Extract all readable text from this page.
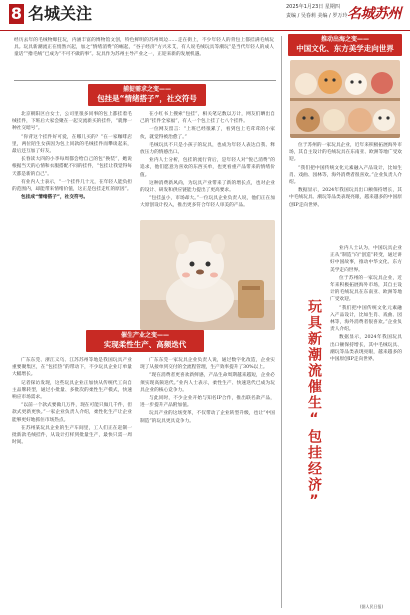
8 名城关注	2025年1月23日 星期四
责编 / 吴春莉 美编 / 罗万玲 名城苏州
经历去年的毛绒物爆狂玩，内涵丰富的博物馆文创，特色鲜明的苏州周边……走在街上，不少年轻人的背包上都挂满毛绒玩具。玩具新潮流正在悄然兴起，加之“情绪消费”的崛起，“谷子经济”方兴未艾，有人说毛绒玩具等潮玩“是当代年轻人的成人童话”“撸毛绒”已成为“不可不做的事”。玩具作为苏州主导产业之一，正迎来新的发展机遇。
捕捉需求之变——
包挂是“情绪搭子”，社交符号

北京朝阳区白女士，公司里很多同事的包上都挂着毛绒挂件，下班后大家会聚在一起交流新买的挂件，“就像一种社交暗号”。

“你背这个挂件好可爱，在哪儿买的？”在一家咖啡店里，两位陌生女孩因为包上同款的毛绒挂件而攀谈起来，最后还互加了好友。

长春读大四的小李每周都会给自己的包“换装”，她说根据当天的心情和衣服搭配不同的挂件，“包挂让我觉得每天都是新的自己”。

有业内人士表示，“一个挂件几十元，在年轻人能负担的范围内，却能带来情绪价值，这正是包挂走红的原因”。

包挂成“情绪搭子”，社交符号。

在小红书上搜索“包挂”，相关笔记数以万计，网友们晒出自己的“挂件全家福”，有人一个包上挂了七八个挂件。

一位网友留言：“上班已经很累了，看到包上毛茸茸的小家伙，就觉得被治愈了。”

毛绒玩具不只是小孩子的玩具，也成为年轻人表达自我、释放压力的情感出口。

业内人士分析，包挂的流行背后，是年轻人对“悦己消费”的追求，他们愿意为喜欢的东西买单，也更看重产品带来的情绪价值。

这种消费新风尚，为玩具产业带来了新的增长点，也对企业的设计、研发和供应链能力提出了更高要求。

“包挂虽小，市场却大。”一位玩具企业负责人说，他们正在加大原创设计投入，推出更多符合年轻人审美的产品。

催生产业之变——
实现柔性生产、高频迭代

广东东莞、浙江义乌、江苏苏州等地是我国玩具产业重要聚集区，在“包挂热”的带动下，不少玩具企业订单量大幅增长。

记者探访发现，这些玩具企业正加快从传统代工向自主品牌转型，通过小批量、多批次的柔性生产模式，快速响应市场需求。

“以前一个款式要做几万件，现在可能只做几千件，但款式更新更快。”一家企业负责人介绍，柔性化生产让企业能够更好地抓住市场热点。

在苏州某玩具企业的生产车间里，工人们正在赶制一批新款毛绒挂件，从设计打样到批量生产，最快只需一周时间。

广东东莞一家玩具企业负责人说，通过数字化改造，企业实现了从接单到交付的全流程管理，生产效率提升了30%以上。

“现在消费者更喜欢新鲜感，产品生命周期越来越短，企业必须实现高频迭代。”业内人士表示，柔性生产、快速迭代已成为玩具企业的核心竞争力。

与此同时，不少企业开始与知名IP合作，推出联名款产品，进一步提升产品附加值。

玩具产业的这场变革，不仅带动了企业转型升级，也让“中国制造”的玩具更具竞争力。

推动出海之变——
中国文化、东方美学走向世界

位于苏州的一家玩具企业，近年来积极拓展海外市场，其自主设计的毛绒玩具在东南亚、欧洲等地广受欢迎。

“我们把中国传统文化元素融入产品设计，比如生肖、戏曲、园林等，海外消费者很喜欢。”企业负责人介绍。

数据显示，2024年我国玩具出口额保持增长，其中毛绒玩具、潮玩等品类表现亮眼，越来越多的中国原创IP走向世界。

玩具新潮流催生“包挂经济”

业内人士认为，中国玩具企业正从“制造”向“创造”转变，通过讲好中国故事，推动中华文化、东方美学走向世界。

位于苏州的一家玩具企业，近年来积极拓展海外市场，其自主设计的毛绒玩具在东南亚、欧洲等地广受欢迎。

“我们把中国传统文化元素融入产品设计，比如生肖、戏曲、园林等，海外消费者很喜欢。”企业负责人介绍。

数据显示，2024年我国玩具出口额保持增长，其中毛绒玩具、潮玩等品类表现亮眼，越来越多的中国原创IP走向世界。

(据人民日报)
